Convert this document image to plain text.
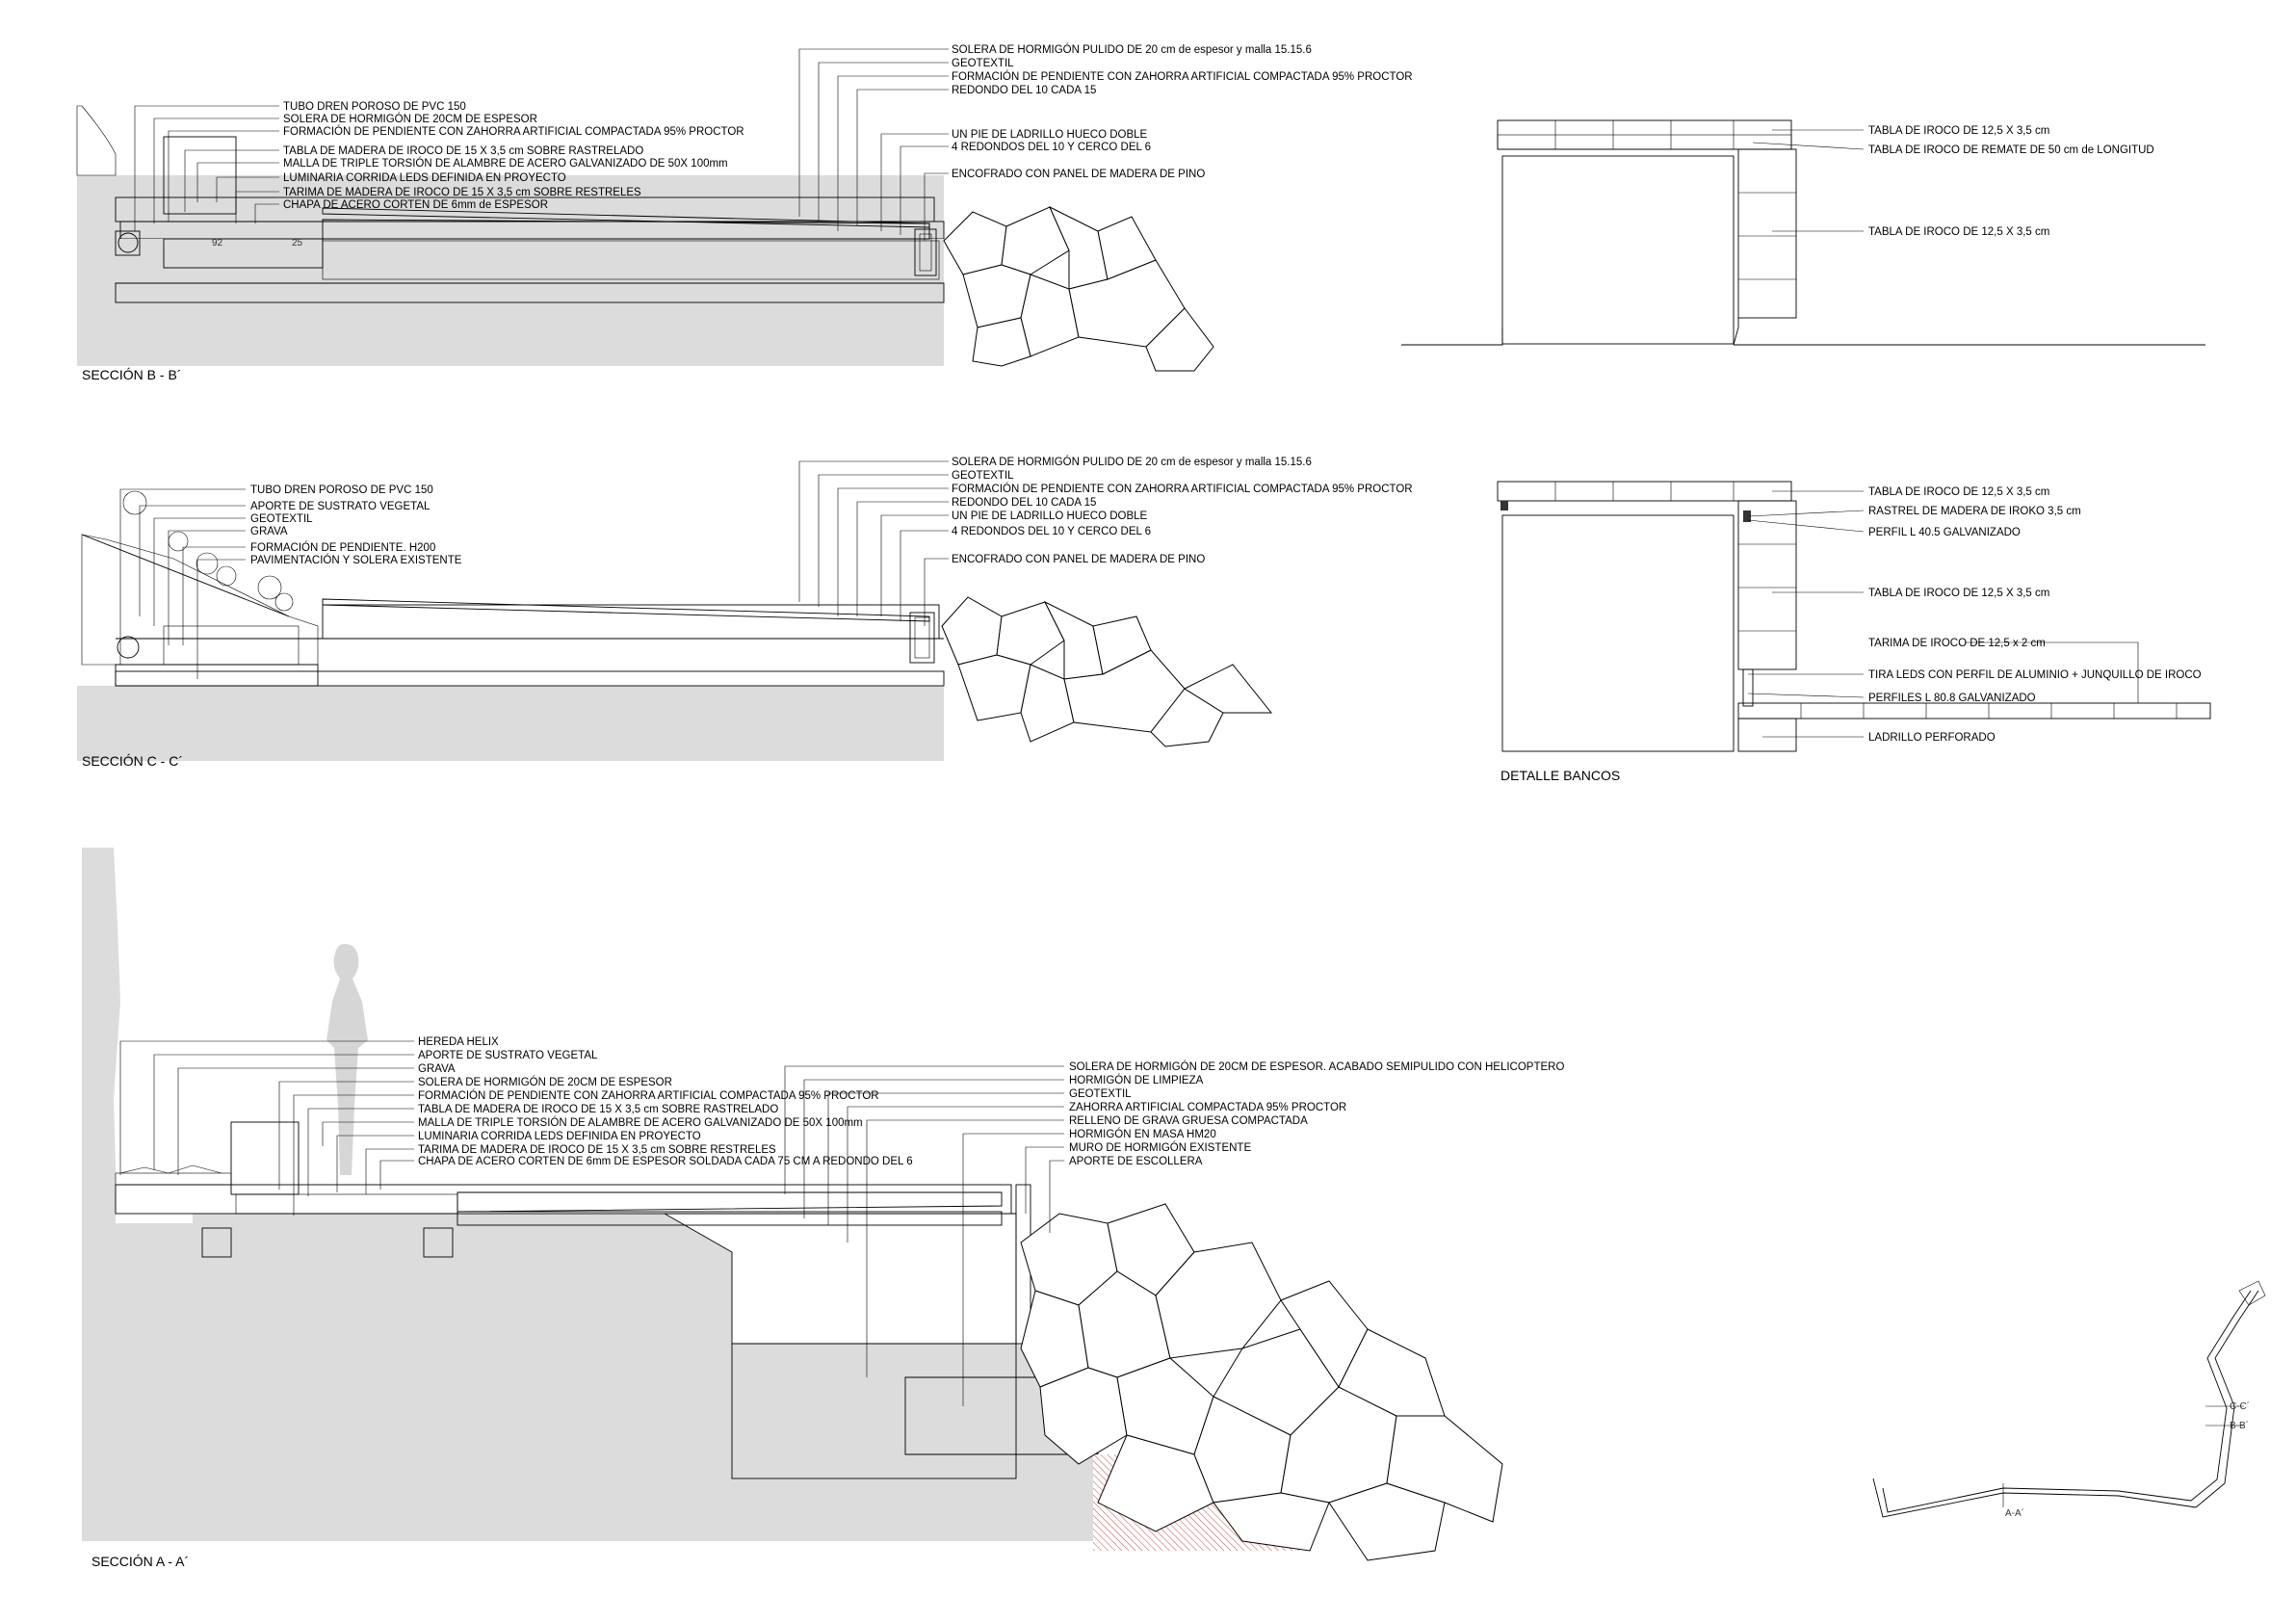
92	25
SECCIÓN B - B´
TUBO DREN POROSO DE PVC 150
SOLERA DE HORMIGÓN DE 20CM DE ESPESOR
FORMACIÓN DE PENDIENTE CON ZAHORRA ARTIFICIAL COMPACTADA 95% PROCTOR
TABLA DE MADERA DE IROCO DE 15 X 3,5 cm SOBRE RASTRELADO
MALLA DE TRIPLE TORSIÓN DE ALAMBRE DE ACERO GALVANIZADO DE 50X 100mm
LUMINARIA CORRIDA LEDS DEFINIDA EN PROYECTO
TARIMA DE MADERA DE IROCO DE 15 X 3,5 cm SOBRE RESTRELES
CHAPA DE ACERO CORTEN DE 6mm de ESPESOR
SOLERA DE HORMIGÓN PULIDO DE 20 cm de espesor y malla 15.15.6
GEOTEXTIL
FORMACIÓN DE PENDIENTE CON ZAHORRA ARTIFICIAL COMPACTADA 95% PROCTOR
REDONDO DEL 10 CADA 15
UN PIE DE LADRILLO HUECO DOBLE
4 REDONDOS DEL 10 Y CERCO DEL 6
ENCOFRADO CON PANEL DE MADERA DE PINO
TABLA DE IROCO DE 12,5 X 3,5 cm
TABLA DE IROCO DE REMATE DE 50 cm de LONGITUD
TABLA DE IROCO DE 12,5 X 3,5 cm
SECCIÓN C - C´
TUBO DREN POROSO DE PVC 150
APORTE DE SUSTRATO VEGETAL
GEOTEXTIL
GRAVA
FORMACIÓN DE PENDIENTE. H200
PAVIMENTACIÓN Y SOLERA EXISTENTE
SOLERA DE HORMIGÓN PULIDO DE 20 cm de espesor y malla 15.15.6
GEOTEXTIL
FORMACIÓN DE PENDIENTE CON ZAHORRA ARTIFICIAL COMPACTADA 95% PROCTOR
REDONDO DEL 10 CADA 15
UN PIE DE LADRILLO HUECO DOBLE
4 REDONDOS DEL 10 Y CERCO DEL 6
ENCOFRADO CON PANEL DE MADERA DE PINO
TABLA DE IROCO DE 12,5 X 3,5 cm
RASTREL DE MADERA DE IROKO 3,5 cm
PERFIL L 40.5 GALVANIZADO
TABLA DE IROCO DE 12,5 X 3,5 cm
TARIMA DE IROCO DE 12,5 x 2 cm
TIRA LEDS CON PERFIL DE ALUMINIO + JUNQUILLO DE IROCO
PERFILES L 80.8 GALVANIZADO
LADRILLO PERFORADO
DETALLE BANCOS
SECCIÓN A - A´
HEREDA HELIX
APORTE DE SUSTRATO VEGETAL
GRAVA
SOLERA DE HORMIGÓN DE 20CM DE ESPESOR
FORMACIÓN DE PENDIENTE CON ZAHORRA ARTIFICIAL COMPACTADA 95% PROCTOR
TABLA DE MADERA DE IROCO DE 15 X 3,5 cm SOBRE RASTRELADO
MALLA DE TRIPLE TORSIÓN DE ALAMBRE DE ACERO GALVANIZADO DE 50X 100mm
LUMINARIA CORRIDA LEDS DEFINIDA EN PROYECTO
TARIMA DE MADERA DE IROCO DE 15 X 3,5 cm SOBRE RESTRELES
CHAPA DE ACERO CORTEN DE 6mm DE ESPESOR SOLDADA CADA 75 CM A REDONDO DEL 6
SOLERA DE HORMIGÓN DE 20CM DE ESPESOR. ACABADO SEMIPULIDO CON HELICOPTERO
HORMIGÓN DE LIMPIEZA
GEOTEXTIL
ZAHORRA ARTIFICIAL COMPACTADA 95% PROCTOR
RELLENO DE GRAVA GRUESA COMPACTADA
HORMIGÓN EN MASA HM20
MURO DE HORMIGÓN EXISTENTE
APORTE DE ESCOLLERA
C-C´
B-B´
A-A´
